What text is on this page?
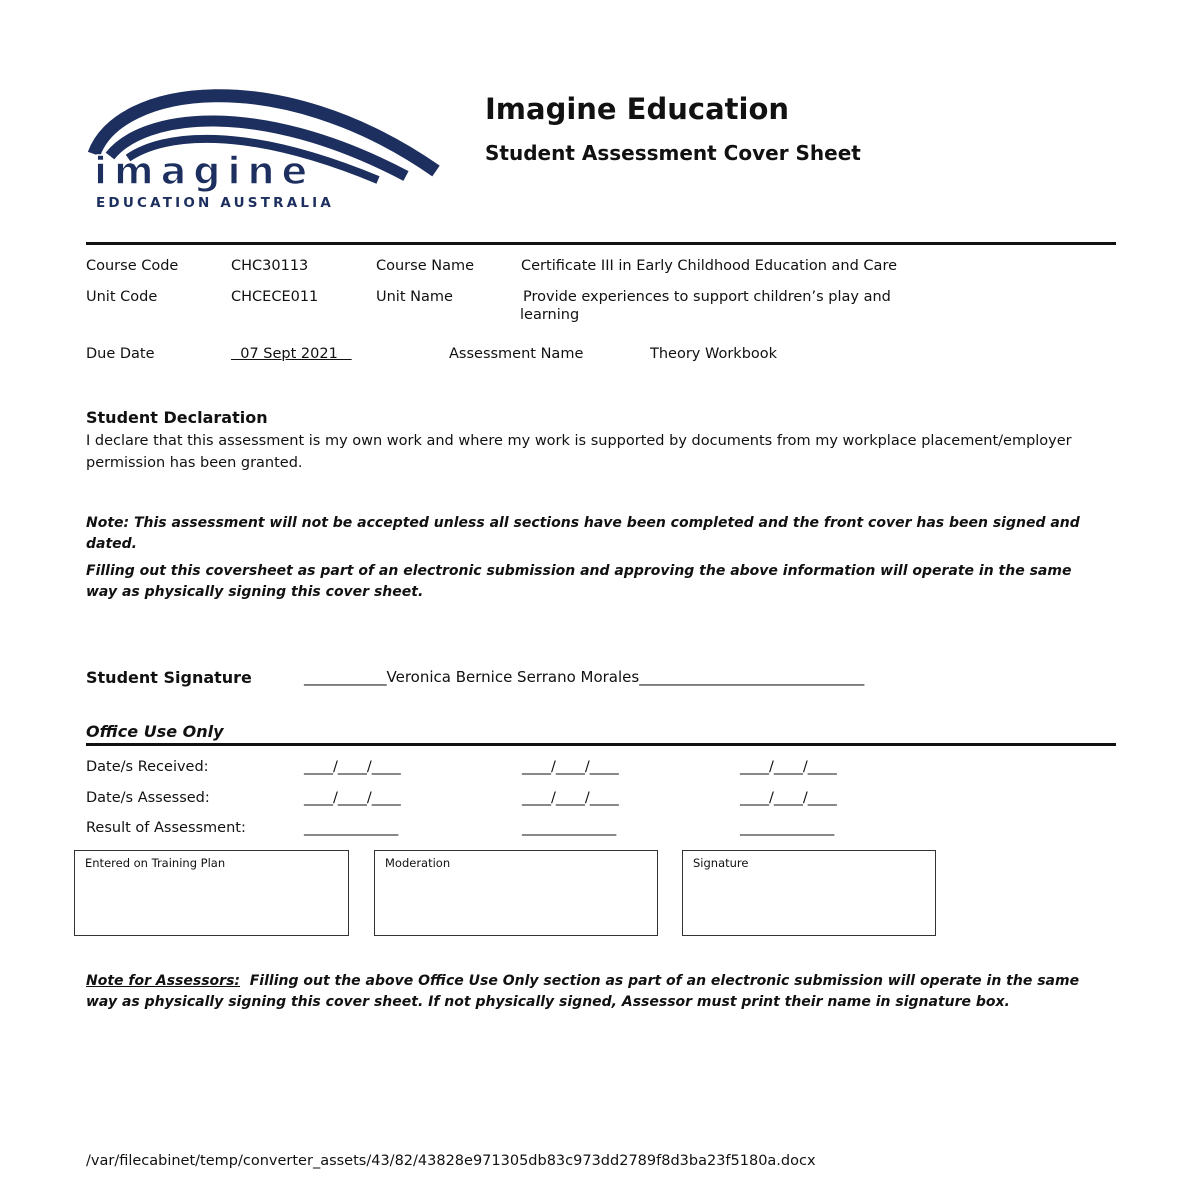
imagine
EDUCATION AUSTRALIA
Imagine Education
Student Assessment Cover Sheet
Course Code	CHC30113	Course Name	Certificate III in Early Childhood Education and Care
Unit Code	CHCECE011	Unit Name	Provide experiences to support children’s play and
learning
Due Date	07 Sept 2021	Assessment Name	Theory Workbook
Student Declaration
I declare that this assessment is my own work and where my work is supported by documents from my workplace placement/employer permission has been granted.
Note: This assessment will not be accepted unless all sections have been completed and the front cover has been signed and dated.
Filling out this coversheet as part of an electronic submission and approving the above information will operate in the same way as physically signing this cover sheet.
Student Signature	___________Veronica Bernice Serrano Morales______________________________
Office Use Only
Date/s Received:	____/____/____	____/____/____	____/____/____
Date/s Assessed:	____/____/____	____/____/____	____/____/____
Result of Assessment:	_____________	_____________	_____________
Entered on Training Plan	Moderation	Signature
Note for Assessors:  Filling out the above Office Use Only section as part of an electronic submission will operate in the same way as physically signing this cover sheet. If not physically signed, Assessor must print their name in signature box.
/var/filecabinet/temp/converter_assets/43/82/43828e971305db83c973dd2789f8d3ba23f5180a.docx
